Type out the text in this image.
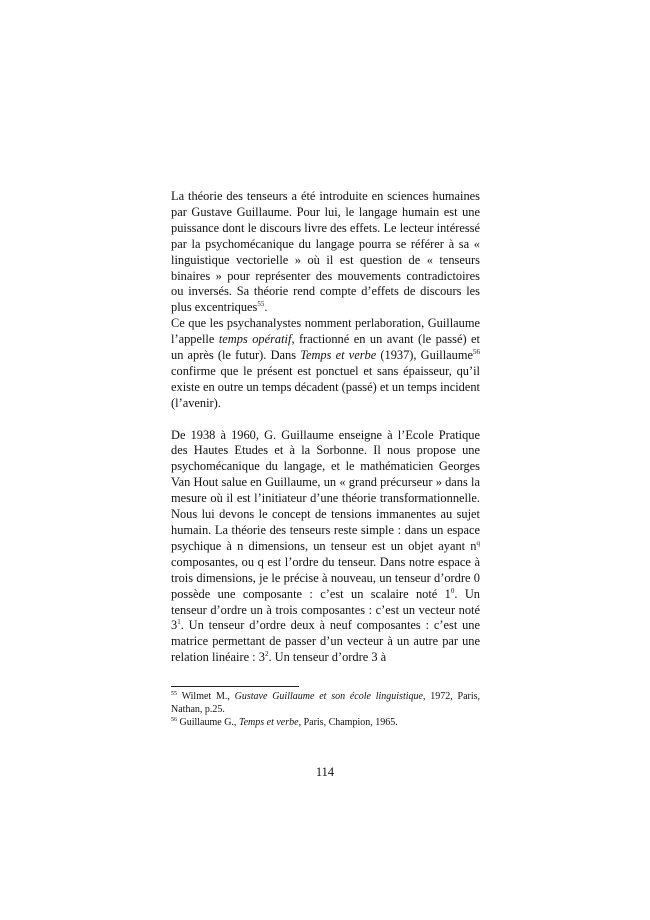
La théorie des tenseurs a été introduite en sciences humaines par Gustave Guillaume. Pour lui, le langage humain est une puissance dont le discours livre des effets. Le lecteur intéressé par la psychomécanique du langage pourra se référer à sa « linguistique vectorielle » où il est question de « tenseurs binaires » pour représenter des mouvements contradictoires ou inversés. Sa théorie rend compte d’effets de discours les plus excentriques$^{55}$.

Ce que les psychanalystes nomment perlaboration, Guillaume l’appelle temps opératif, fractionné en un avant (le passé) et un après (le futur). Dans Temps et verbe (1937), Guillaume$^{56}$ confirme que le présent est ponctuel et sans épaisseur, qu’il existe en outre un temps décadent (passé) et un temps incident (l’avenir).

De 1938 à 1960, G. Guillaume enseigne à l’Ecole Pratique des Hautes Etudes et à la Sorbonne. Il nous propose une psychomécanique du langage, et le mathématicien Georges Van Hout salue en Guillaume, un « grand précurseur » dans la mesure où il est l’initiateur d’une théorie transformationnelle. Nous lui devons le concept de tensions immanentes au sujet humain. La théorie des tenseurs reste simple : dans un espace psychique à n dimensions, un tenseur est un objet ayant $n^q$ composantes, ou q est l’ordre du tenseur. Dans notre espace à trois dimensions, je le précise à nouveau, un tenseur d’ordre 0 possède une composante : c’est un scalaire noté $1^0$. Un tenseur d’ordre un à trois composantes : c’est un vecteur noté $3^1$. Un tenseur d’ordre deux à neuf composantes : c’est une matrice permettant de passer d’un vecteur à un autre par une relation linéaire : $3^2$. Un tenseur d’ordre 3 à

$^{55}$ Wilmet M., Gustave Guillaume et son école linguistique, 1972, Paris, Nathan, p.25.

$^{56}$ Guillaume G., Temps et verbe, Paris, Champion, 1965.

114
